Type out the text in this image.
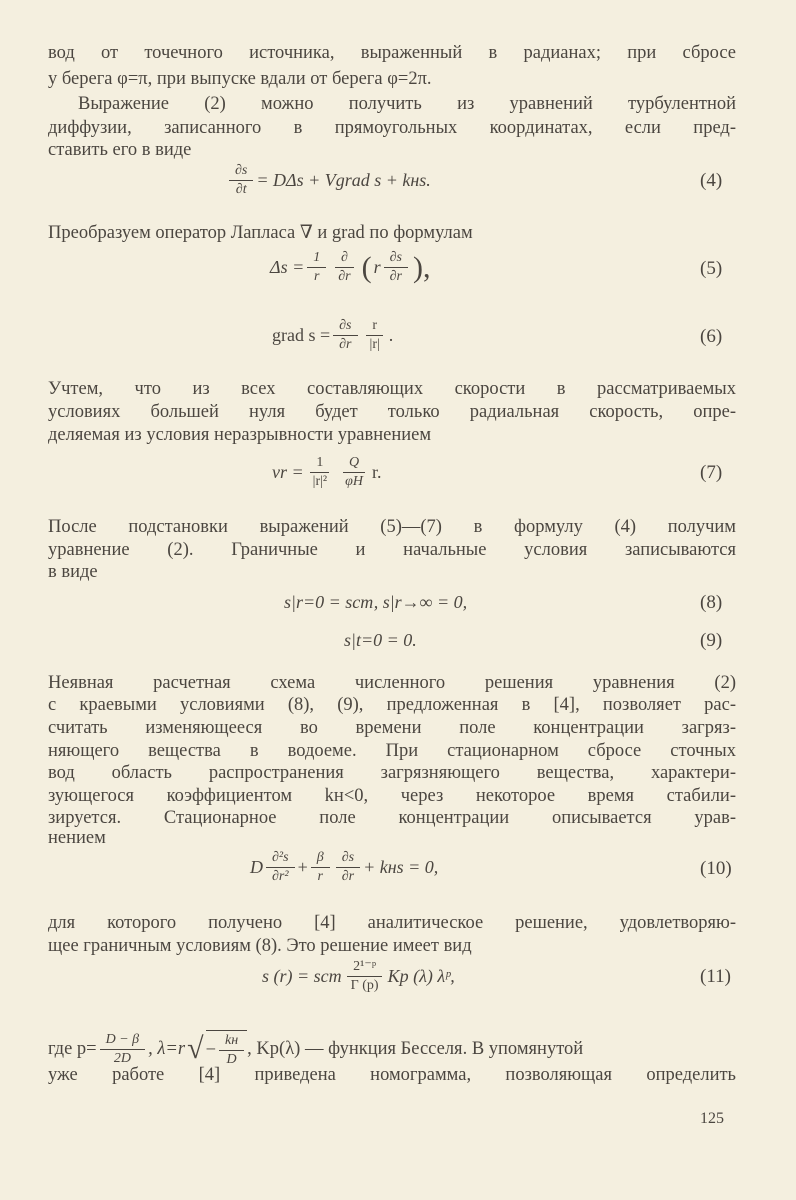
вод от точечного источника, выраженный в радианах; при сбросе
у берега φ=π, при выпуске вдали от берега φ=2π.
Выражение (2) можно получить из уравнений турбулентной
диффузии, записанного в прямоугольных координатах, если пред-
ставить его в виде
$\frac{\partial s}{\partial t} = D\Delta s$ + Vgrad s + kнs.	(4)
Преобразуем оператор Лапласа ∇ и grad по формулам
$\Delta s = \frac{1}{r} \frac{\partial}{\partial r}$ ( r $\frac{\partial s}{\partial r}$ ),	(5)
grad $s = \frac{\partial s}{\partial r} \frac{r}{|r|}$ .	(6)
Учтем, что из всех составляющих скорости в рассматриваемых
условиях большей нуля будет только радиальная скорость, опре-
деляемая из условия неразрывности уравнением
vr = $\frac{1}{\text{|r|²}} \frac{Q}{\varphi H} r$.	(7)
После подстановки выражений (5)—(7) в формулу (4) получим
уравнение (2). Граничные и начальные условия записываются
в виде
s|r=0 = sст, s|r→∞ = 0,	(8)
s|t=0 = 0.	(9)
Неявная расчетная схема численного решения уравнения (2)
с краевыми условиями (8), (9), предложенная в [4], позволяет рас-
считать изменяющееся во времени поле концентрации загряз-
няющего вещества в водоеме. При стационарном сбросе сточных
вод область распространения загрязняющего вещества, характери-
зующегося коэффициентом kн<0, через некоторое время стабили-
зируется. Стационарное поле концентрации описывается урав-
нением
D $\frac{\text{∂²s}}{\text{∂r²}} + \frac{\beta}{r} \frac{\partial s}{\partial r}$ + kнs = 0,	(10)
для которого получено [4] аналитическое решение, удовлетворяю-
щее граничным условиям (8). Это решение имеет вид
s (r) = sст $\frac{\text{2¹⁻ᵖ}}{\Gamma (p)}$ Kp (λ) λᵖ,	(11)
где $p= \frac{D - \beta}{2D}$ , λ=r √ − $\frac{kн}{D}$ , Kp(λ) — функция Бесселя. В упомянутой
уже работе [4] приведена номограмма, позволяющая определить
125
